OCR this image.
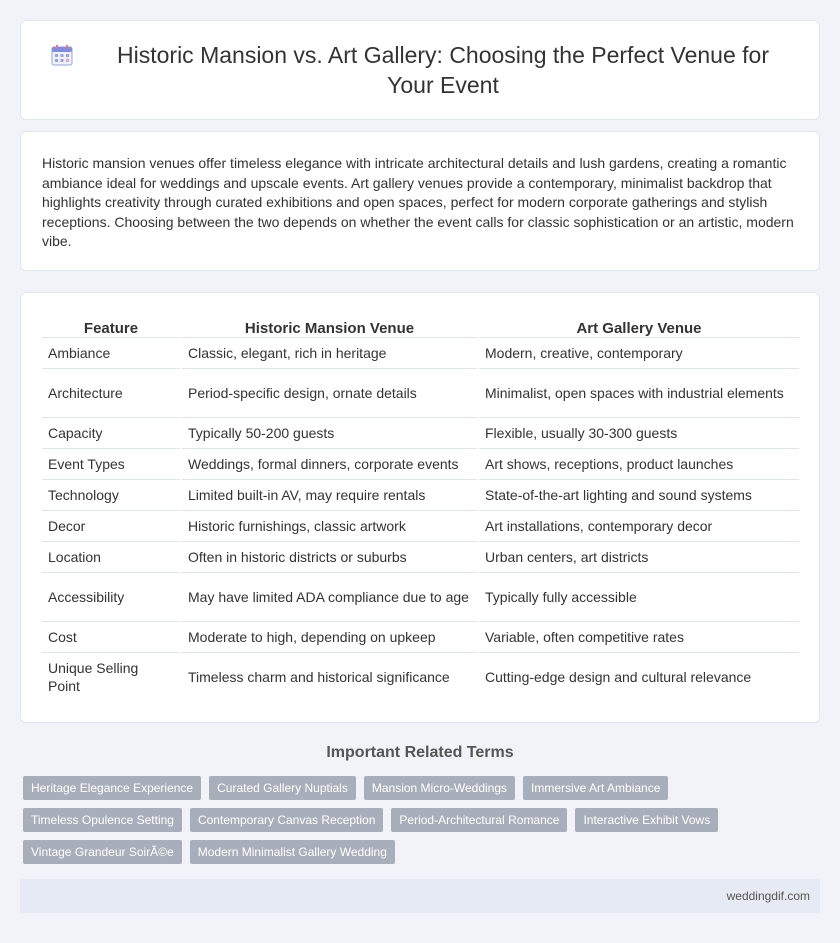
Historic Mansion vs. Art Gallery: Choosing the Perfect Venue for Your Event

Historic mansion venues offer timeless elegance with intricate architectural details and lush gardens, creating a romantic ambiance ideal for weddings and upscale events. Art gallery venues provide a contemporary, minimalist backdrop that highlights creativity through curated exhibitions and open spaces, perfect for modern corporate gatherings and stylish receptions. Choosing between the two depends on whether the event calls for classic sophistication or an artistic, modern vibe.

Feature	Historic Mansion Venue	Art Gallery Venue
Ambiance	Classic, elegant, rich in heritage	Modern, creative, contemporary
Architecture	Period-specific design, ornate details	Minimalist, open spaces with industrial elements
Capacity	Typically 50-200 guests	Flexible, usually 30-300 guests
Event Types	Weddings, formal dinners, corporate events	Art shows, receptions, product launches
Technology	Limited built-in AV, may require rentals	State-of-the-art lighting and sound systems
Decor	Historic furnishings, classic artwork	Art installations, contemporary decor
Location	Often in historic districts or suburbs	Urban centers, art districts
Accessibility	May have limited ADA compliance due to age	Typically fully accessible
Cost	Moderate to high, depending on upkeep	Variable, often competitive rates
Unique Selling Point	Timeless charm and historical significance	Cutting-edge design and cultural relevance
Important Related Terms
Heritage Elegance Experience	Curated Gallery Nuptials	Mansion Micro-Weddings	Immersive Art Ambiance
Timeless Opulence Setting	Contemporary Canvas Reception	Period-Architectural Romance	Interactive Exhibit Vows
Vintage Grandeur SoirÃ©e	Modern Minimalist Gallery Wedding
weddingdif.com
